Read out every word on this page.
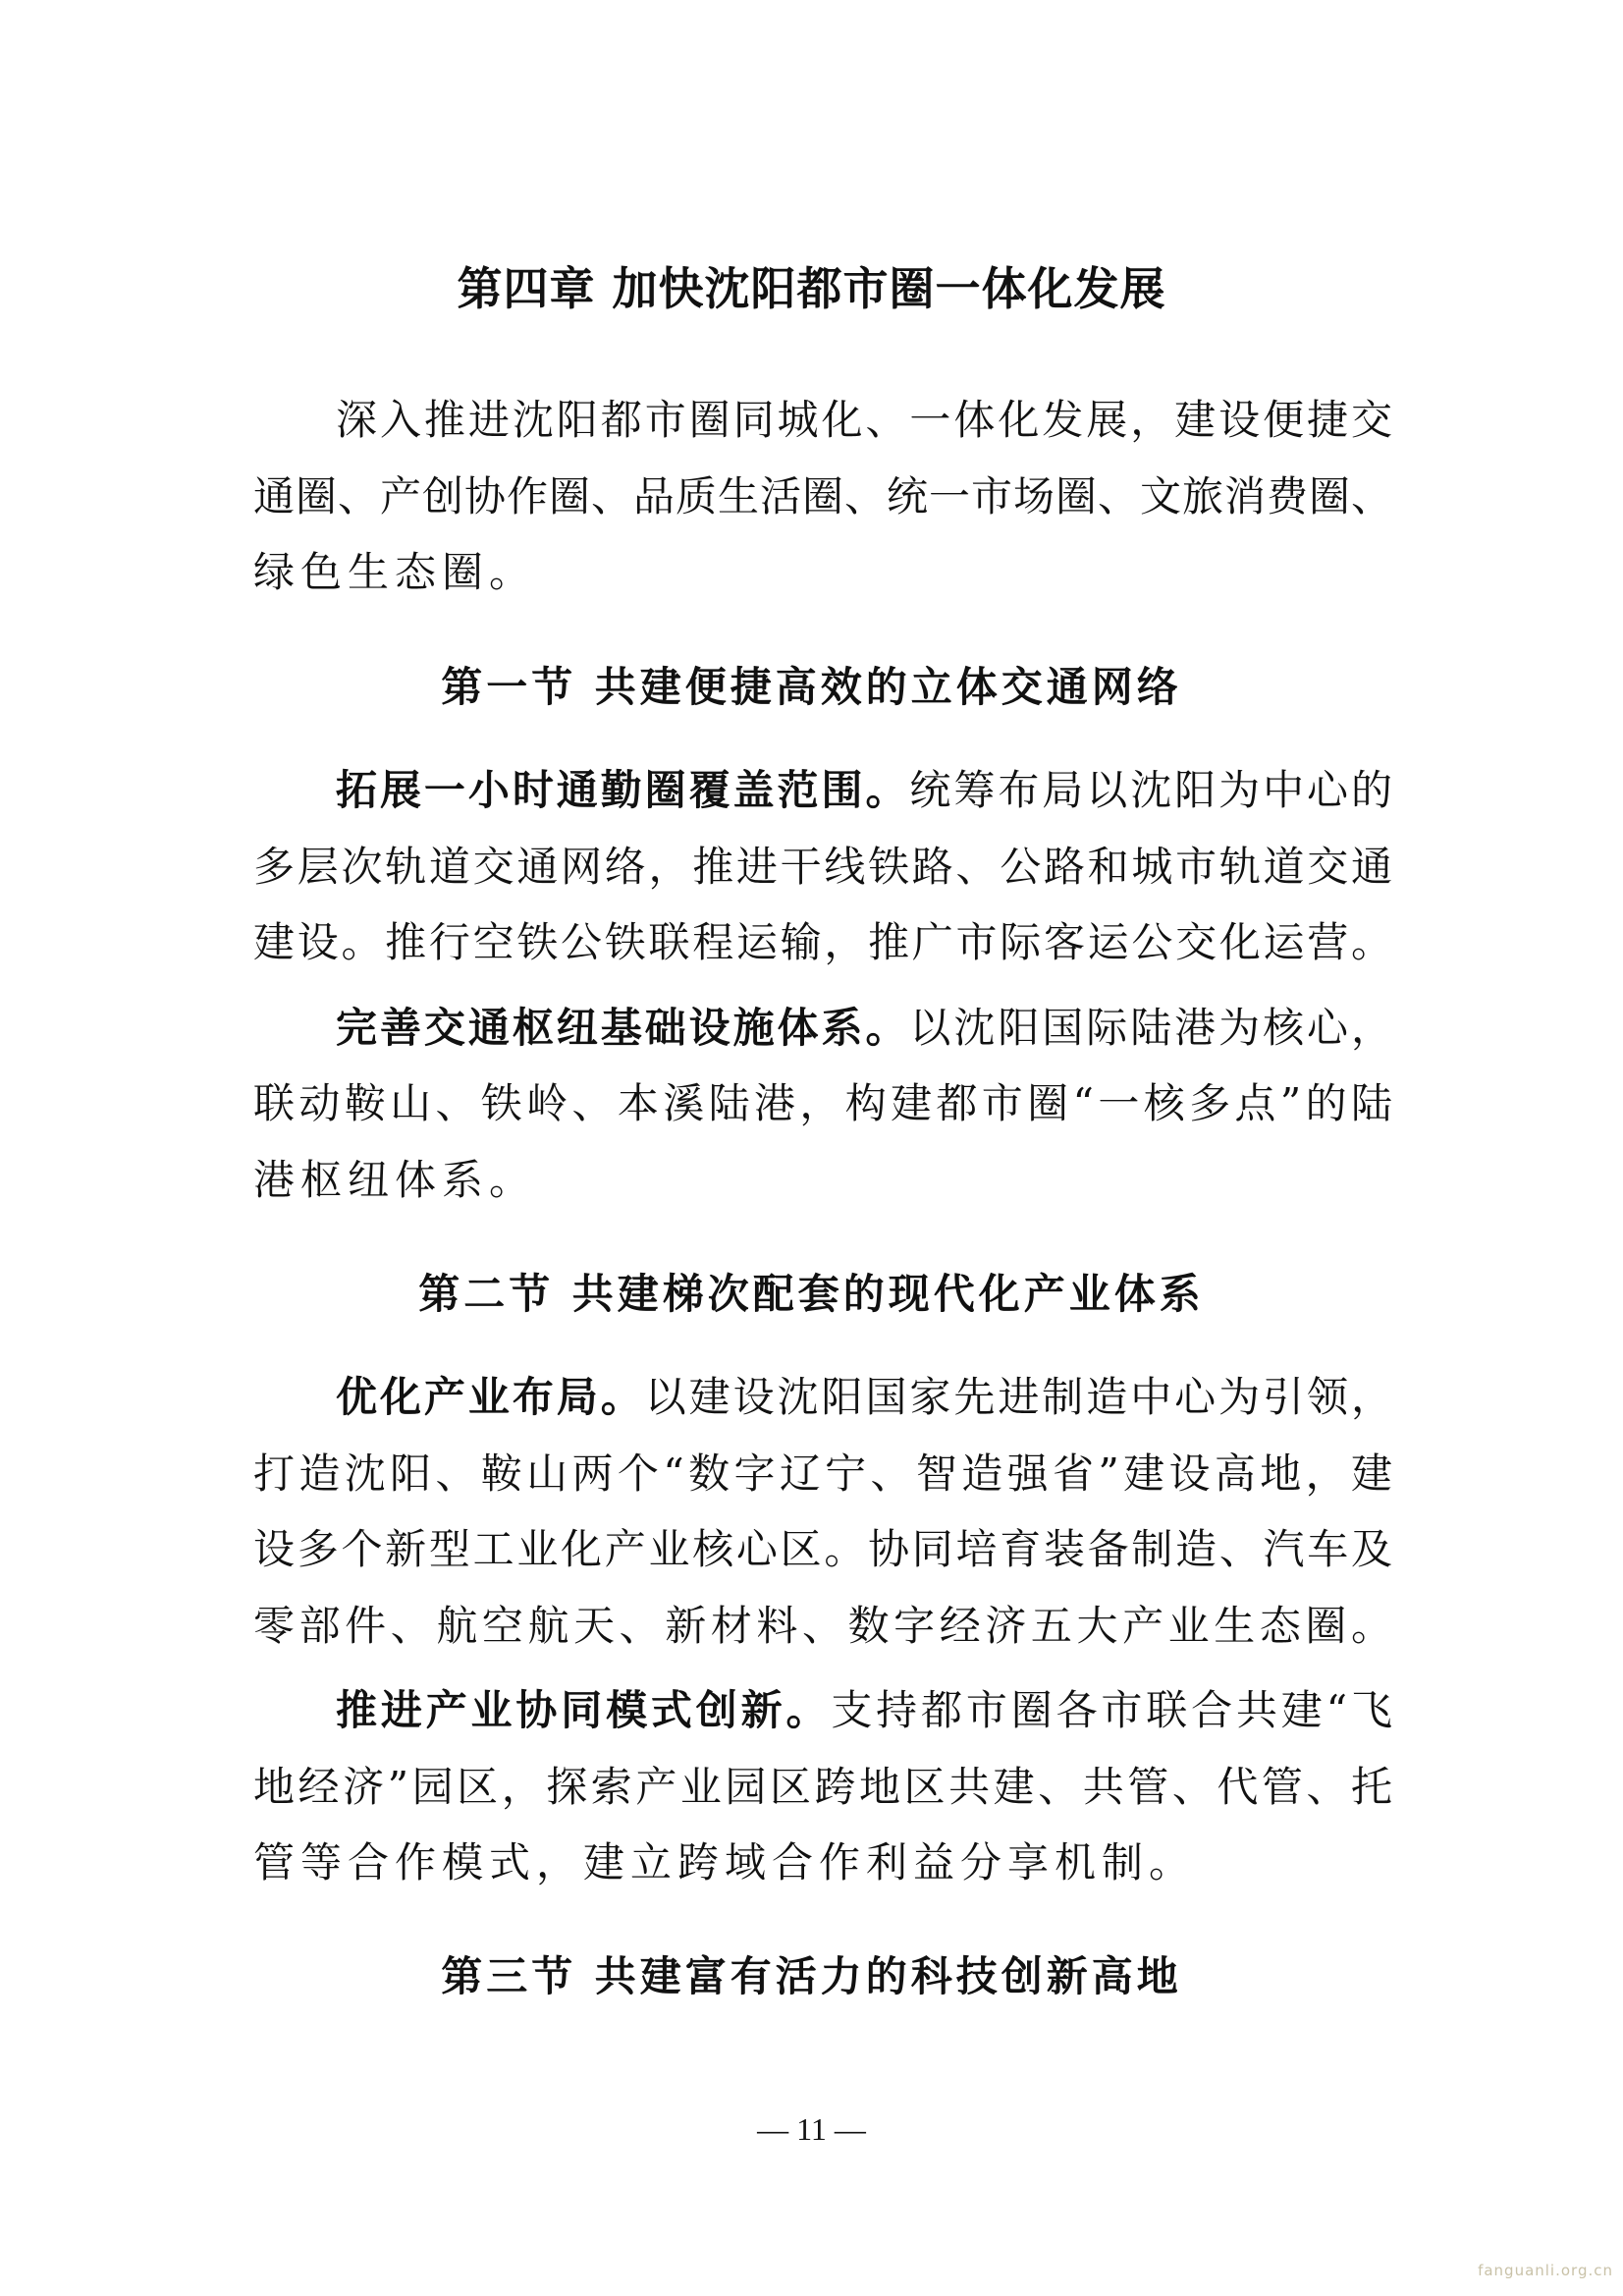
第四章 加快沈阳都市圈一体化发展
深入推进沈阳都市圈同城化、一体化发展，建设便捷交
通圈、产创协作圈、品质生活圈、统一市场圈、文旅消费圈、
绿色生态圈。
第一节 共建便捷高效的立体交通网络
拓展一小时通勤圈覆盖范围。统筹布局以沈阳为中心的
多层次轨道交通网络，推进干线铁路、公路和城市轨道交通
建设。推行空铁公铁联程运输，推广市际客运公交化运营。
完善交通枢纽基础设施体系。以沈阳国际陆港为核心，
联动鞍山、铁岭、本溪陆港，构建都市圈“一核多点”的陆
港枢纽体系。
第二节 共建梯次配套的现代化产业体系
优化产业布局。以建设沈阳国家先进制造中心为引领，
打造沈阳、鞍山两个“数字辽宁、智造强省”建设高地，建
设多个新型工业化产业核心区。协同培育装备制造、汽车及
零部件、航空航天、新材料、数字经济五大产业生态圈。
推进产业协同模式创新。支持都市圈各市联合共建“飞
地经济”园区，探索产业园区跨地区共建、共管、代管、托
管等合作模式，建立跨域合作利益分享机制。
第三节 共建富有活力的科技创新高地
— 11 —
fanguanli.org.cn
